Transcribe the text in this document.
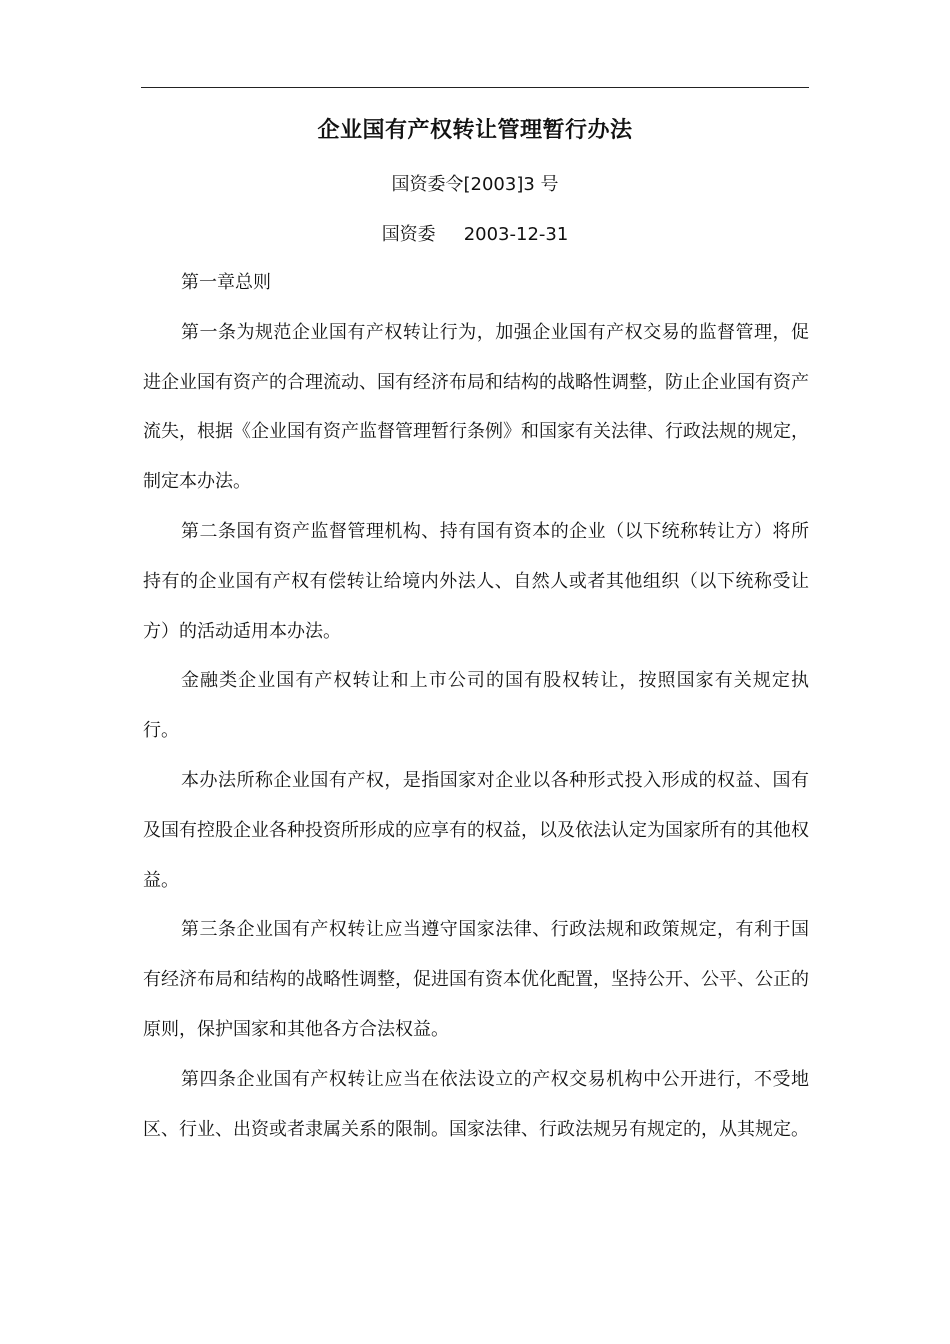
企业国有产权转让管理暂行办法
国资委令[2003]3 号
国资委 2003-12-31

第一章总则

第一条为规范企业国有产权转让行为，加强企业国有产权交易的监督管理，促进企业国有资产的合理流动、国有经济布局和结构的战略性调整，防止企业国有资产流失，根据《企业国有资产监督管理暂行条例》和国家有关法律、行政法规的规定，制定本办法。

第二条国有资产监督管理机构、持有国有资本的企业（以下统称转让方）将所持有的企业国有产权有偿转让给境内外法人、自然人或者其他组织（以下统称受让方）的活动适用本办法。

金融类企业国有产权转让和上市公司的国有股权转让，按照国家有关规定执行。

本办法所称企业国有产权，是指国家对企业以各种形式投入形成的权益、国有及国有控股企业各种投资所形成的应享有的权益，以及依法认定为国家所有的其他权益。

第三条企业国有产权转让应当遵守国家法律、行政法规和政策规定，有利于国有经济布局和结构的战略性调整，促进国有资本优化配置，坚持公开、公平、公正的原则，保护国家和其他各方合法权益。

第四条企业国有产权转让应当在依法设立的产权交易机构中公开进行，不受地区、行业、出资或者隶属关系的限制。国家法律、行政法规另有规定的，从其规定。
